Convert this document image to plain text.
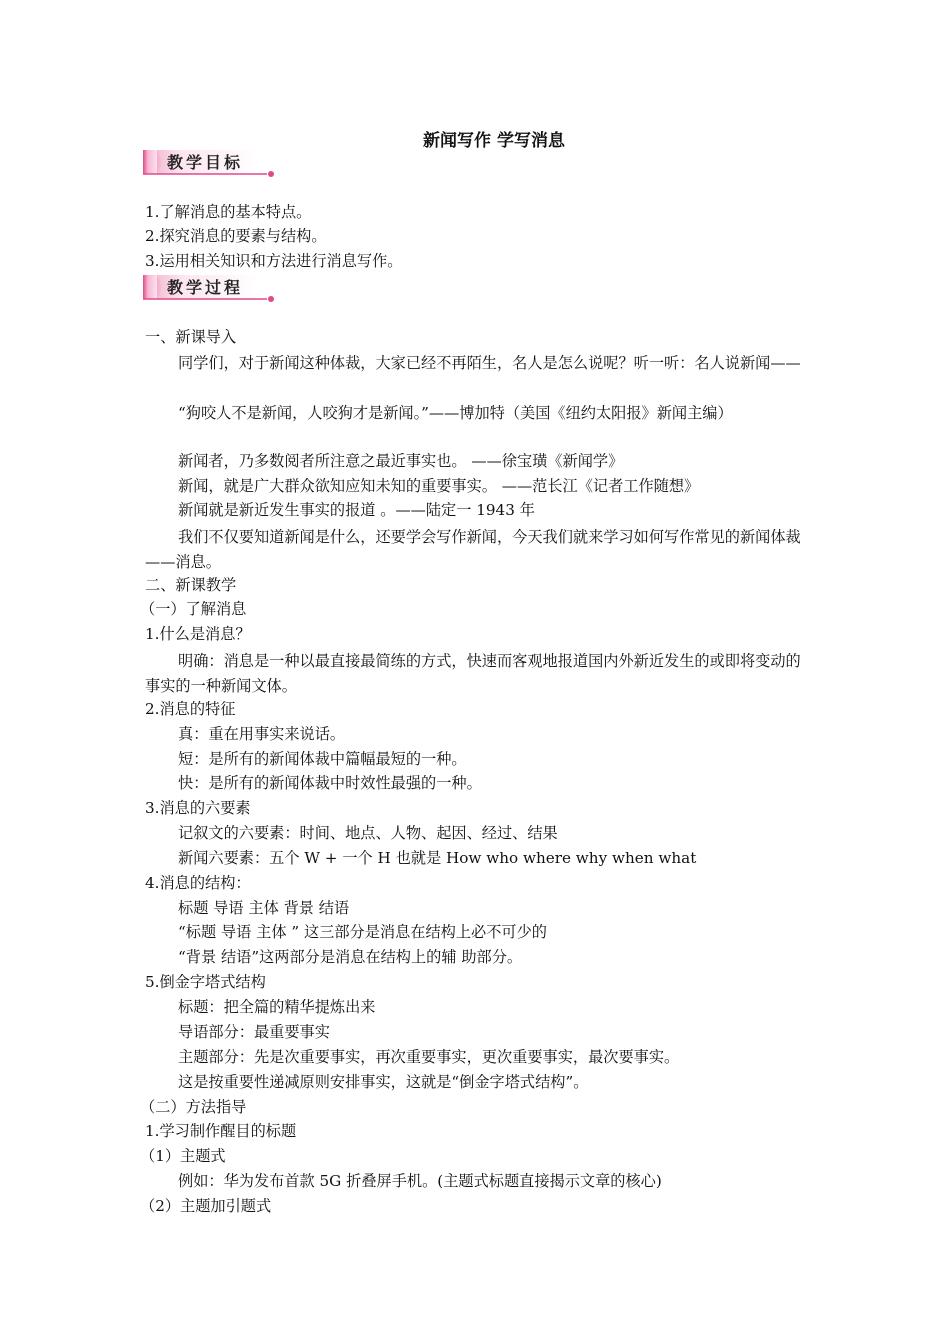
新闻写作 学写消息
教学目标
1.了解消息的基本特点。
2.探究消息的要素与结构。
3.运用相关知识和方法进行消息写作。
教学过程
一、新课导入
同学们，对于新闻这种体裁，大家已经不再陌生，名人是怎么说呢？听一听：名人说新闻——
“狗咬人不是新闻，人咬狗才是新闻。”——博加特（美国《纽约太阳报》新闻主编）
新闻者，乃多数阅者所注意之最近事实也。 ——徐宝璜《新闻学》
新闻，就是广大群众欲知应知未知的重要事实。 ——范长江《记者工作随想》
新闻就是新近发生事实的报道 。——陆定一 1943 年
我们不仅要知道新闻是什么，还要学会写作新闻，今天我们就来学习如何写作常见的新闻体裁——消息。
二、新课教学
（一）了解消息
1.什么是消息？
明确：消息是一种以最直接最简练的方式，快速而客观地报道国内外新近发生的或即将变动的事实的一种新闻文体。
2.消息的特征
真：重在用事实来说话。
短：是所有的新闻体裁中篇幅最短的一种。
快：是所有的新闻体裁中时效性最强的一种。
3.消息的六要素
记叙文的六要素：时间、地点、人物、起因、经过、结果
新闻六要素：五个 W + 一个 H 也就是 How who where why when what
4.消息的结构：
标题 导语 主体 背景 结语
“标题 导语 主体 ” 这三部分是消息在结构上必不可少的
“背景 结语”这两部分是消息在结构上的辅 助部分。
5.倒金字塔式结构
标题：把全篇的精华提炼出来
导语部分：最重要事实
主题部分：先是次重要事实，再次重要事实，更次重要事实，最次要事实。
这是按重要性递减原则安排事实，这就是“倒金字塔式结构”。
（二）方法指导
1.学习制作醒目的标题
（1）主题式
例如：华为发布首款 5G 折叠屏手机。(主题式标题直接揭示文章的核心)
（2）主题加引题式
